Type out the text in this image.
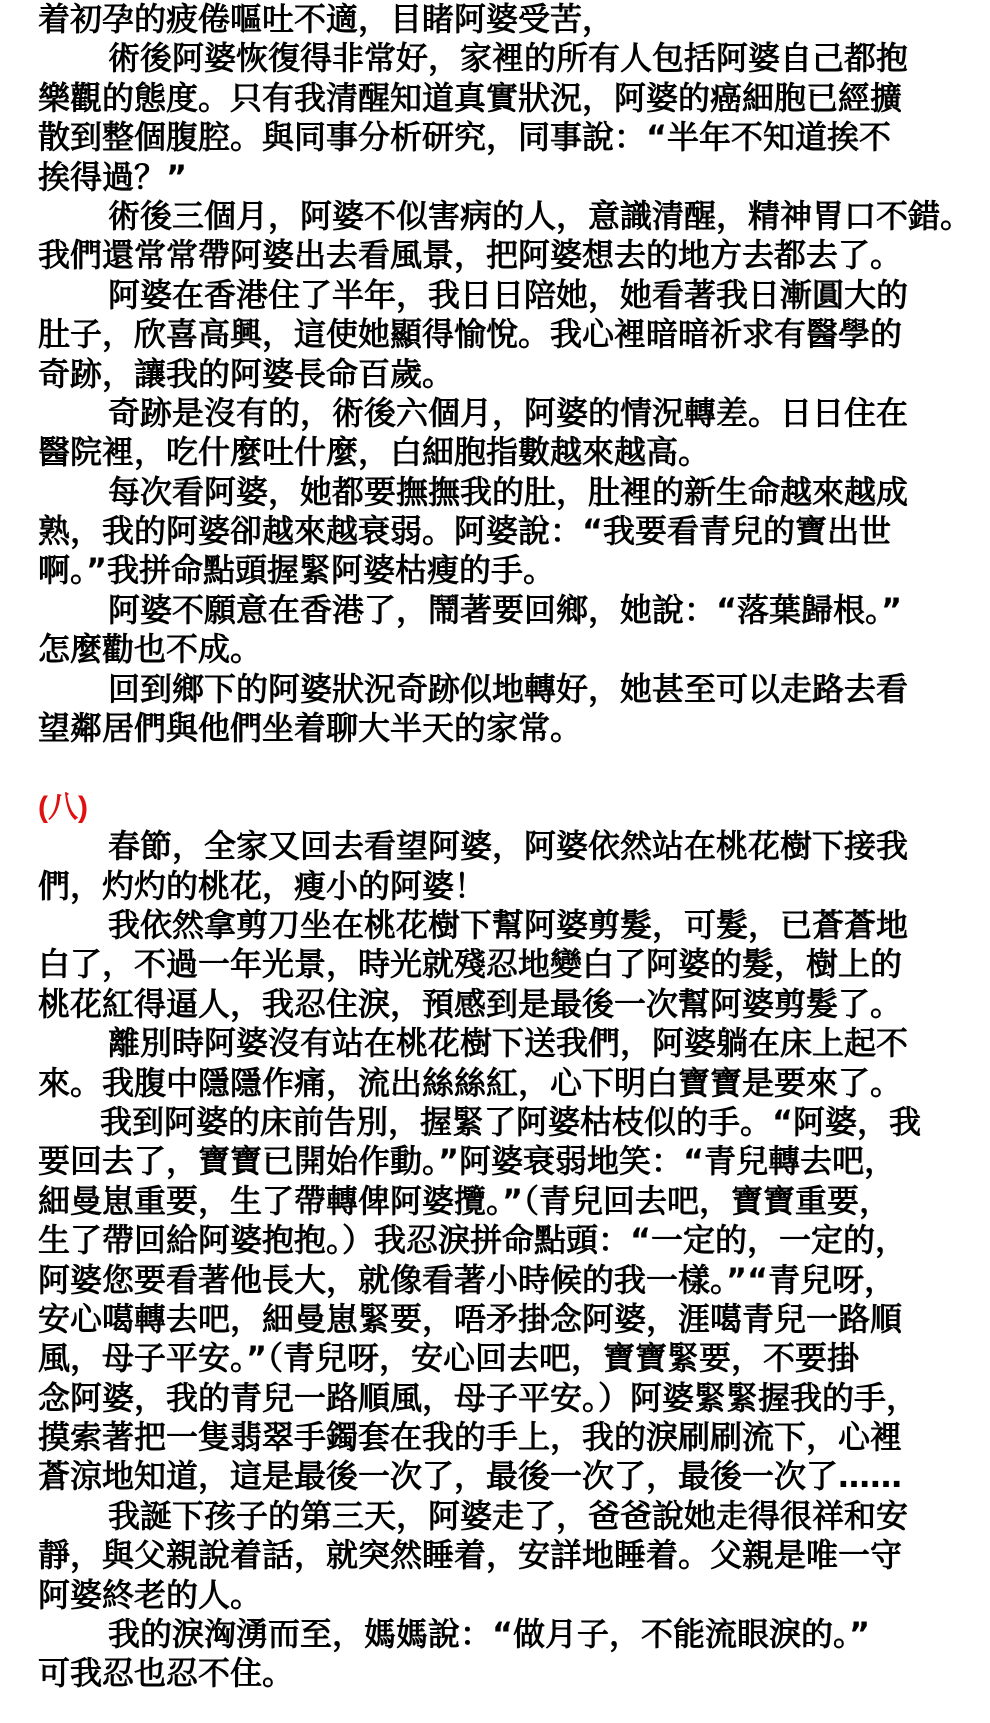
着初孕的疲倦嘔吐不適，目睹阿婆受苦，
術後阿婆恢復得非常好，家裡的所有人包括阿婆自己都抱
樂觀的態度。只有我清醒知道真實狀況，阿婆的癌細胞已經擴
散到整個腹腔。與同事分析研究，同事說：“半年不知道挨不
挨得過？”
術後三個月，阿婆不似害病的人，意識清醒，精神胃口不錯。
我們還常常帶阿婆出去看風景，把阿婆想去的地方去都去了。
阿婆在香港住了半年，我日日陪她，她看著我日漸圓大的
肚子，欣喜高興，這使她顯得愉悅。我心裡暗暗祈求有醫學的
奇跡，讓我的阿婆長命百歲。
奇跡是沒有的，術後六個月，阿婆的情況轉差。日日住在
醫院裡，吃什麼吐什麼，白細胞指數越來越高。
每次看阿婆，她都要撫撫我的肚，肚裡的新生命越來越成
熟，我的阿婆卻越來越衰弱。阿婆說：“我要看青兒的寶出世
啊。”我拼命點頭握緊阿婆枯瘦的手。
阿婆不願意在香港了，鬧著要回鄉，她說：“落葉歸根。”
怎麼勸也不成。
回到鄉下的阿婆狀況奇跡似地轉好，她甚至可以走路去看
望鄰居們與他們坐着聊大半天的家常。
(八)
春節，全家又回去看望阿婆，阿婆依然站在桃花樹下接我
們，灼灼的桃花，瘦小的阿婆！
我依然拿剪刀坐在桃花樹下幫阿婆剪髮，可髮，已蒼蒼地
白了，不過一年光景，時光就殘忍地變白了阿婆的髮，樹上的
桃花紅得逼人，我忍住淚，預感到是最後一次幫阿婆剪髮了。
離別時阿婆沒有站在桃花樹下送我們，阿婆躺在床上起不
來。我腹中隱隱作痛，流出絲絲紅，心下明白寶寶是要來了。
我到阿婆的床前告別，握緊了阿婆枯枝似的手。“阿婆，我
要回去了，寶寶已開始作動。”阿婆衰弱地笑：“青兒轉去吧，
細曼崽重要，生了帶轉俾阿婆攬。”（青兒回去吧，寶寶重要，
生了帶回給阿婆抱抱。）我忍淚拼命點頭：“一定的，一定的，
阿婆您要看著他長大，就像看著小時候的我一樣。”“青兒呀，
安心噶轉去吧，細曼崽緊要，唔矛掛念阿婆，涯噶青兒一路順
風，母子平安。”（青兒呀，安心回去吧，寶寶緊要，不要掛
念阿婆，我的青兒一路順風，母子平安。）阿婆緊緊握我的手，
摸索著把一隻翡翠手鐲套在我的手上，我的淚刷刷流下，心裡
蒼涼地知道，這是最後一次了，最後一次了，最後一次了……
我誕下孩子的第三天，阿婆走了，爸爸說她走得很祥和安
靜，與父親說着話，就突然睡着，安詳地睡着。父親是唯一守
阿婆終老的人。
我的淚洶湧而至，媽媽說：“做月子，不能流眼淚的。”
可我忍也忍不住。
